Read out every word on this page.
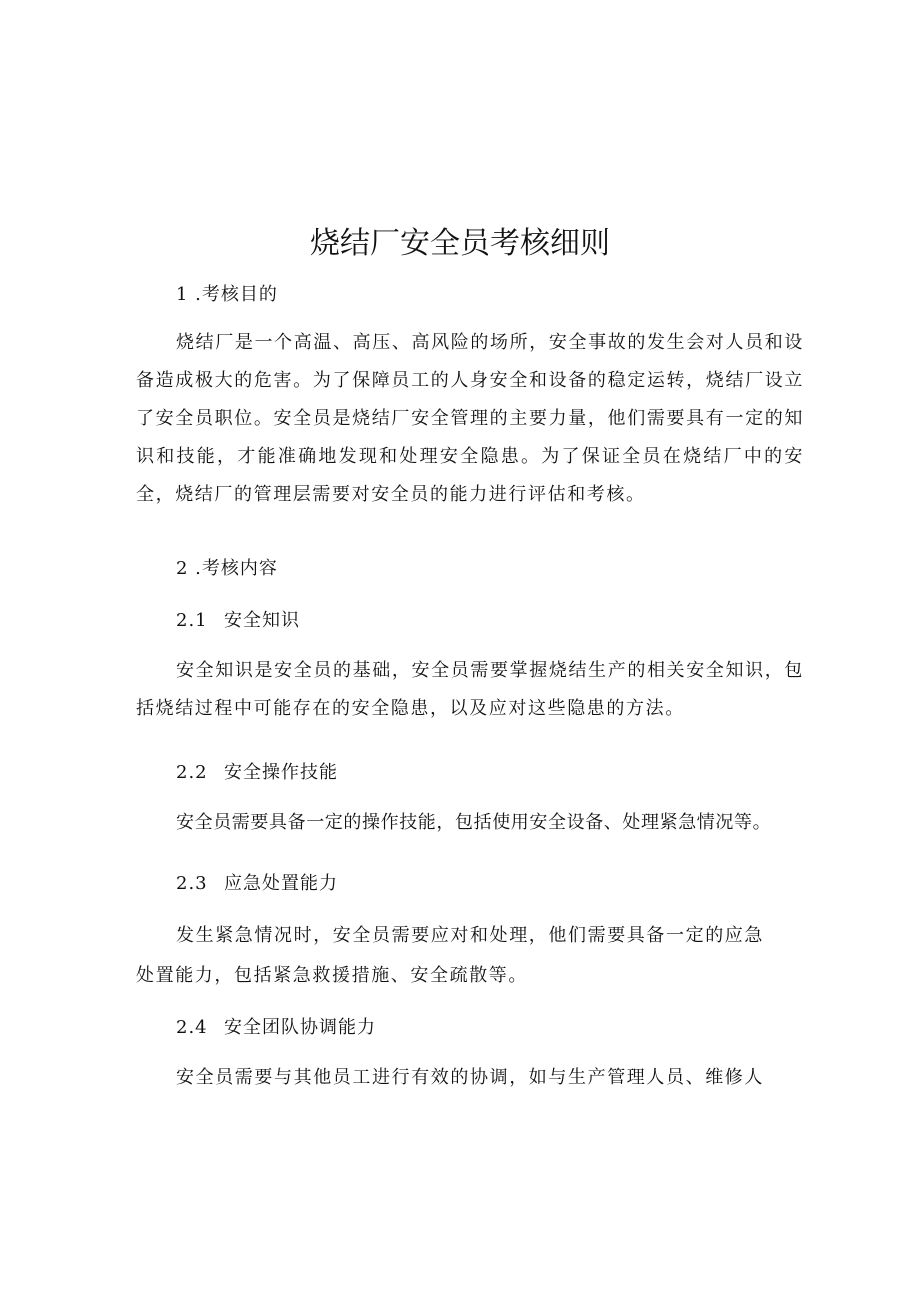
烧结厂安全员考核细则

1 .考核目的

烧结厂是一个高温、高压、高风险的场所，安全事故的发生会对人员和设备造成极大的危害。为了保障员工的人身安全和设备的稳定运转，烧结厂设立了安全员职位。安全员是烧结厂安全管理的主要力量，他们需要具有一定的知识和技能，才能准确地发现和处理安全隐患。为了保证全员在烧结厂中的安全，烧结厂的管理层需要对安全员的能力进行评估和考核。

2 .考核内容

2.1 安全知识

安全知识是安全员的基础，安全员需要掌握烧结生产的相关安全知识，包括烧结过程中可能存在的安全隐患，以及应对这些隐患的方法。

2.2 安全操作技能

安全员需要具备一定的操作技能，包括使用安全设备、处理紧急情况等。

2.3 应急处置能力

发生紧急情况时，安全员需要应对和处理，他们需要具备一定的应急

处置能力，包括紧急救援措施、安全疏散等。

2.4 安全团队协调能力

安全员需要与其他员工进行有效的协调，如与生产管理人员、维修人
